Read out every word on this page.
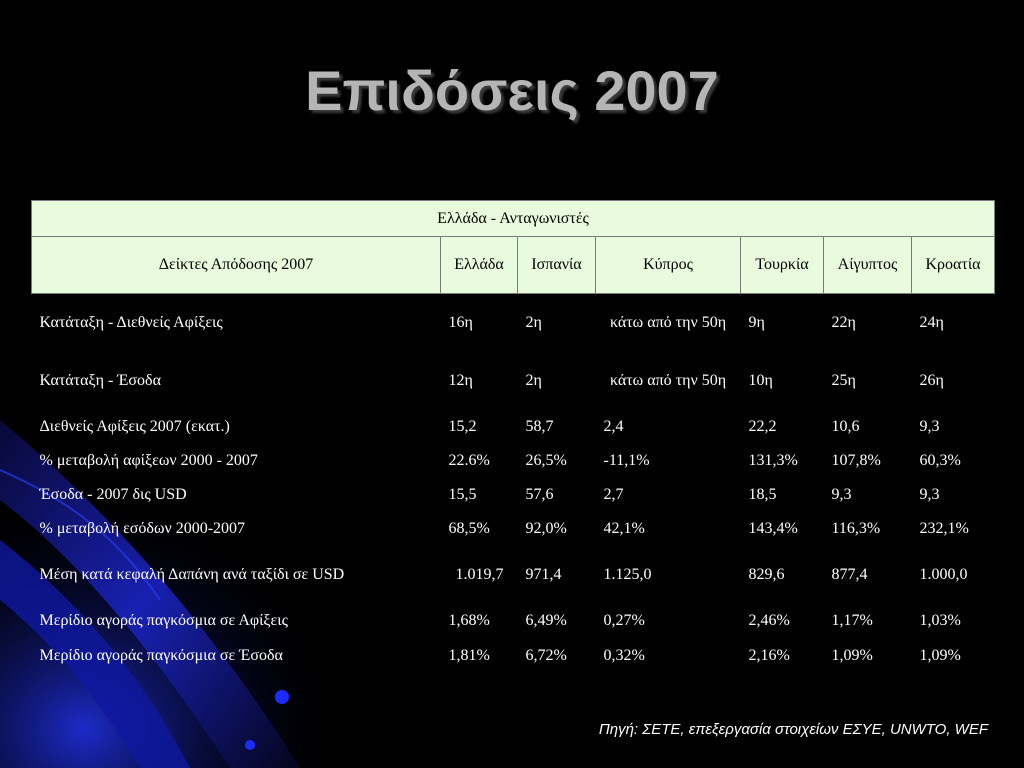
Επιδόσεις 2007
Ελλάδα - Ανταγωνιστές						
Δείκτες Απόδοσης 2007	Ελλάδα	Ισπανία	Κύπρος	Τουρκία	Αίγυπτος	Κροατία
Κατάταξη - Διεθνείς Αφίξεις	16η	2η	κάτω από την 50η	9η	22η	24η
Κατάταξη - Έσοδα	12η	2η	κάτω από την 50η	10η	25η	26η
Διεθνείς Αφίξεις 2007 (εκατ.)	15,2	58,7	2,4	22,2	10,6	9,3
% μεταβολή αφίξεων 2000 - 2007	22.6%	26,5%	-11,1%	131,3%	107,8%	60,3%
Έσοδα - 2007 δις USD	15,5	57,6	2,7	18,5	9,3	9,3
% μεταβολή εσόδων 2000-2007	68,5%	92,0%	42,1%	143,4%	116,3%	232,1%
Μέση κατά κεφαλή Δαπάνη ανά ταξίδι σε USD	1.019,7	971,4	1.125,0	829,6	877,4	1.000,0
Μερίδιο αγοράς παγκόσμια σε Αφίξεις	1,68%	6,49%	0,27%	2,46%	1,17%	1,03%
Μερίδιο αγοράς παγκόσμια σε Έσοδα	1,81%	6,72%	0,32%	2,16%	1,09%	1,09%
Πηγή: ΣΕΤΕ, επεξεργασία στοιχείων ΕΣΥΕ, UNWTO, WEF
